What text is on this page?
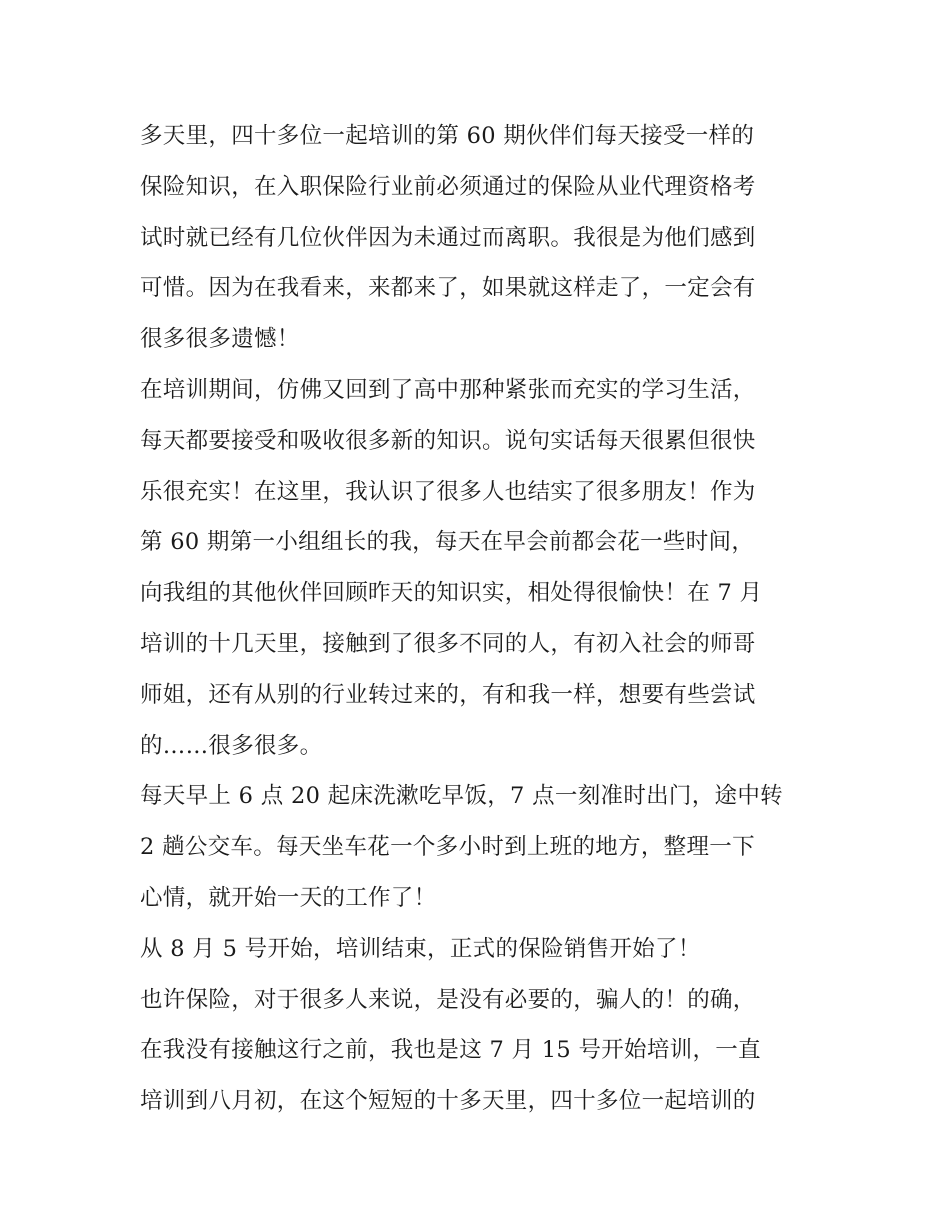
多天里，四十多位一起培训的第 60 期伙伴们每天接受一样的
保险知识，在入职保险行业前必须通过的保险从业代理资格考
试时就已经有几位伙伴因为未通过而离职。我很是为他们感到
可惜。因为在我看来，来都来了，如果就这样走了，一定会有
很多很多遗憾！
在培训期间，仿佛又回到了高中那种紧张而充实的学习生活，
每天都要接受和吸收很多新的知识。说句实话每天很累但很快
乐很充实！在这里，我认识了很多人也结实了很多朋友！作为
第 60 期第一小组组长的我，每天在早会前都会花一些时间，
向我组的其他伙伴回顾昨天的知识实，相处得很愉快！在 7 月
培训的十几天里，接触到了很多不同的人，有初入社会的师哥
师姐，还有从别的行业转过来的，有和我一样，想要有些尝试
的……很多很多。
每天早上 6 点 20 起床洗漱吃早饭，7 点一刻准时出门，途中转
2 趟公交车。每天坐车花一个多小时到上班的地方，整理一下
心情，就开始一天的工作了！
从 8 月 5 号开始，培训结束，正式的保险销售开始了！
也许保险，对于很多人来说，是没有必要的，骗人的！的确，
在我没有接触这行之前，我也是这 7 月 15 号开始培训，一直
培训到八月初，在这个短短的十多天里，四十多位一起培训的
